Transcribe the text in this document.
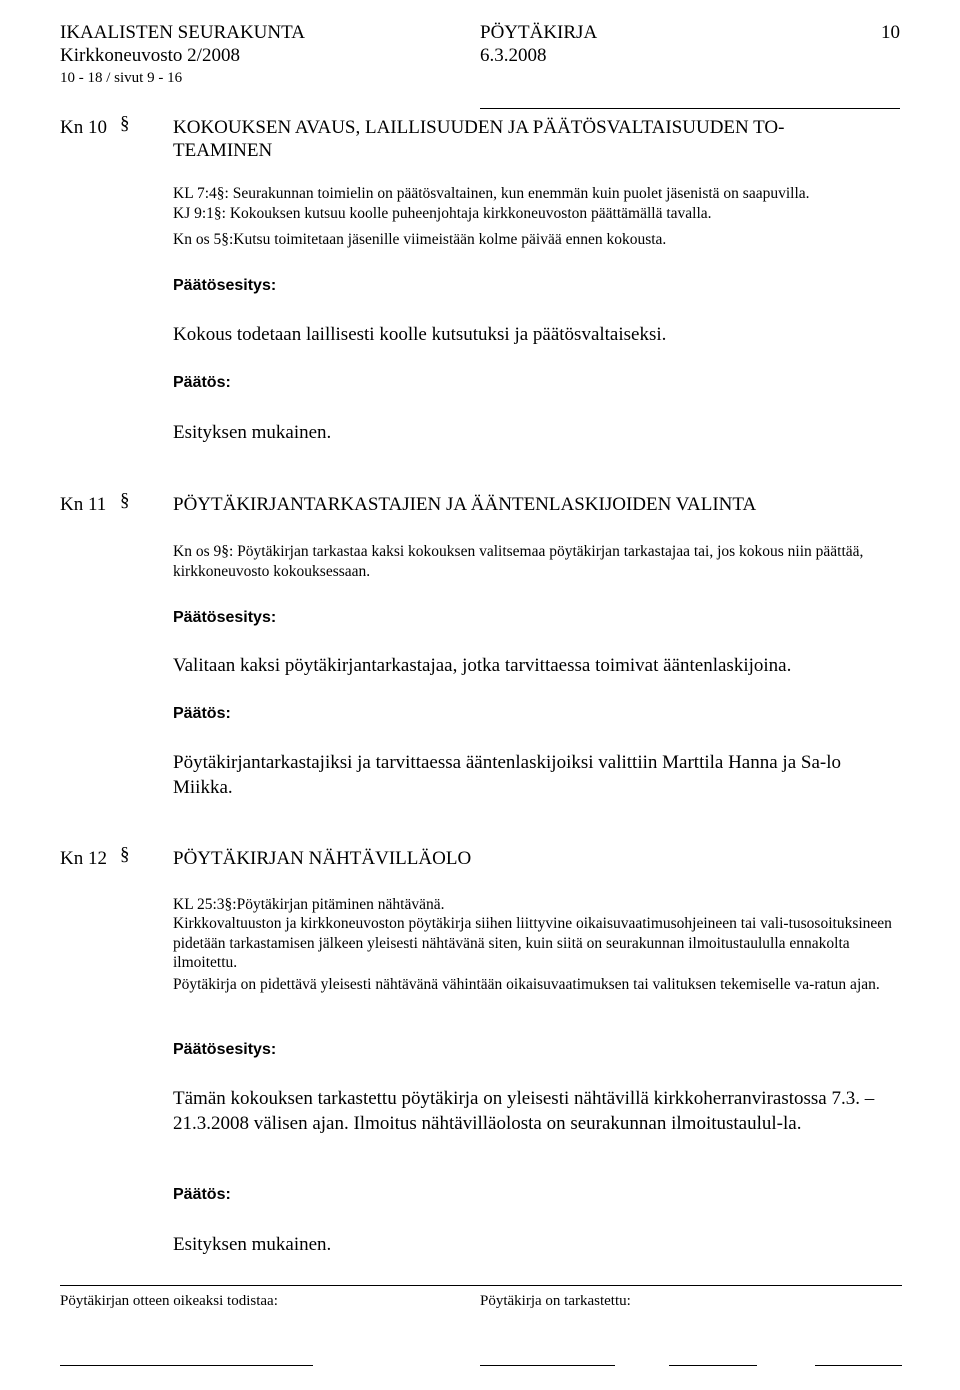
IKAALISTEN SEURAKUNTA	PÖYTÄKIRJA	10
Kirkkoneuvosto 2/2008	6.3.2008
10 - 18 / sivut 9 - 16
Kn 10 § KOKOUKSEN AVAUS, LAILLISUUDEN JA PÄÄTÖSVALTAISUUDEN TO-
TEAMINEN
KL 7:4§: Seurakunnan toimielin on päätösvaltainen, kun enemmän kuin puolet jäsenistä on saapuvilla.
KJ 9:1§: Kokouksen kutsuu koolle puheenjohtaja kirkkoneuvoston päättämällä tavalla.
Kn os 5§:Kutsu toimitetaan jäsenille viimeistään kolme päivää ennen kokousta.
Päätösesitys:
Kokous todetaan laillisesti koolle kutsutuksi ja päätösvaltaiseksi.
Päätös:
Esityksen mukainen.
Kn 11 § PÖYTÄKIRJANTARKASTAJIEN JA ÄÄNTENLASKIJOIDEN VALINTA
Kn os 9§: Pöytäkirjan tarkastaa kaksi kokouksen valitsemaa pöytäkirjan tarkastajaa tai, jos kokous niin päättää, kirkkoneuvosto kokouksessaan.
Päätösesitys:
Valitaan kaksi pöytäkirjantarkastajaa, jotka tarvittaessa toimivat ääntenlaskijoina.
Päätös:
Pöytäkirjantarkastajiksi ja tarvittaessa ääntenlaskijoiksi valittiin Marttila Hanna ja Sa-lo Miikka.
Kn 12 § PÖYTÄKIRJAN NÄHTÄVILLÄOLO
KL 25:3§:Pöytäkirjan pitäminen nähtävänä.
Kirkkovaltuuston ja kirkkoneuvoston pöytäkirja siihen liittyvine oikaisuvaatimusohjeineen tai vali-tusosoituksineen pidetään tarkastamisen jälkeen yleisesti nähtävänä siten, kuin siitä on seurakunnan ilmoitustaululla ennakolta ilmoitettu.
Pöytäkirja on pidettävä yleisesti nähtävänä vähintään oikaisuvaatimuksen tai valituksen tekemiselle va-ratun ajan.
Päätösesitys:
Tämän kokouksen tarkastettu pöytäkirja on yleisesti nähtävillä kirkkoherranvirastossa 7.3. – 21.3.2008 välisen ajan. Ilmoitus nähtävilläolosta on seurakunnan ilmoitustaulul-la.
Päätös:
Esityksen mukainen.
Pöytäkirjan otteen oikeaksi todistaa:	Pöytäkirja on tarkastettu:
